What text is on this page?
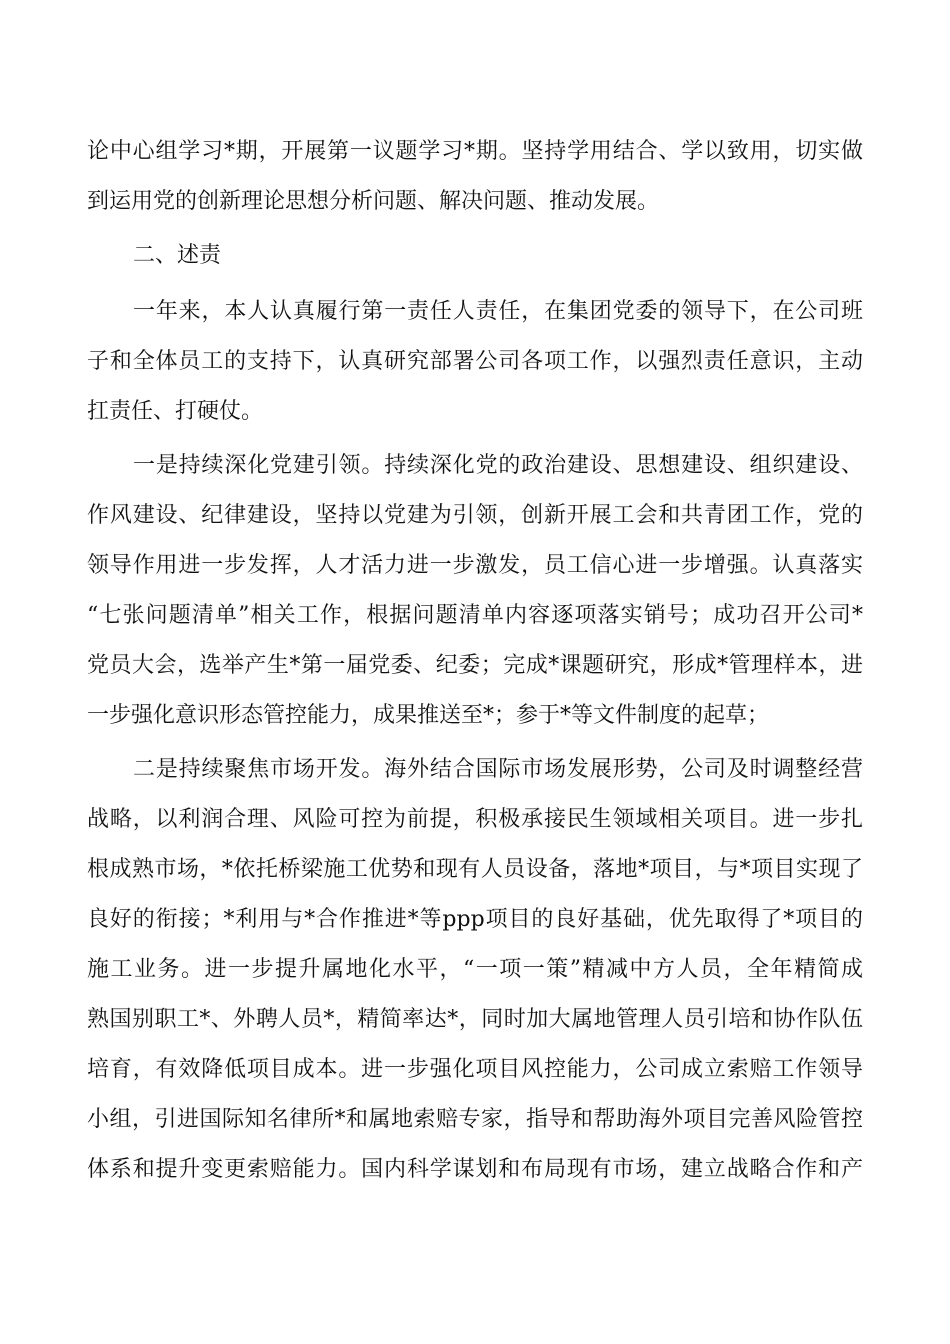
论中心组学习*期，开展第一议题学习*期。坚持学用结合、学以致用，切实做
到运用党的创新理论思想分析问题、解决问题、推动发展。
二、述责
一年来，本人认真履行第一责任人责任，在集团党委的领导下，在公司班
子和全体员工的支持下，认真研究部署公司各项工作，以强烈责任意识，主动
扛责任、打硬仗。
一是持续深化党建引领。持续深化党的政治建设、思想建设、组织建设、
作风建设、纪律建设，坚持以党建为引领，创新开展工会和共青团工作，党的
领导作用进一步发挥，人才活力进一步激发，员工信心进一步增强。认真落实
“七张问题清单”相关工作，根据问题清单内容逐项落实销号；成功召开公司*
党员大会，选举产生*第一届党委、纪委；完成*课题研究，形成*管理样本，进
一步强化意识形态管控能力，成果推送至*；参于*等文件制度的起草；
二是持续聚焦市场开发。海外结合国际市场发展形势，公司及时调整经营
战略，以利润合理、风险可控为前提，积极承接民生领域相关项目。进一步扎
根成熟市场，*依托桥梁施工优势和现有人员设备，落地*项目，与*项目实现了
良好的衔接；*利用与*合作推进*等ppp项目的良好基础，优先取得了*项目的
施工业务。进一步提升属地化水平，“一项一策”精减中方人员，全年精简成
熟国别职工*、外聘人员*，精简率达*，同时加大属地管理人员引培和协作队伍
培育，有效降低项目成本。进一步强化项目风控能力，公司成立索赔工作领导
小组，引进国际知名律所*和属地索赔专家，指导和帮助海外项目完善风险管控
体系和提升变更索赔能力。国内科学谋划和布局现有市场，建立战略合作和产
